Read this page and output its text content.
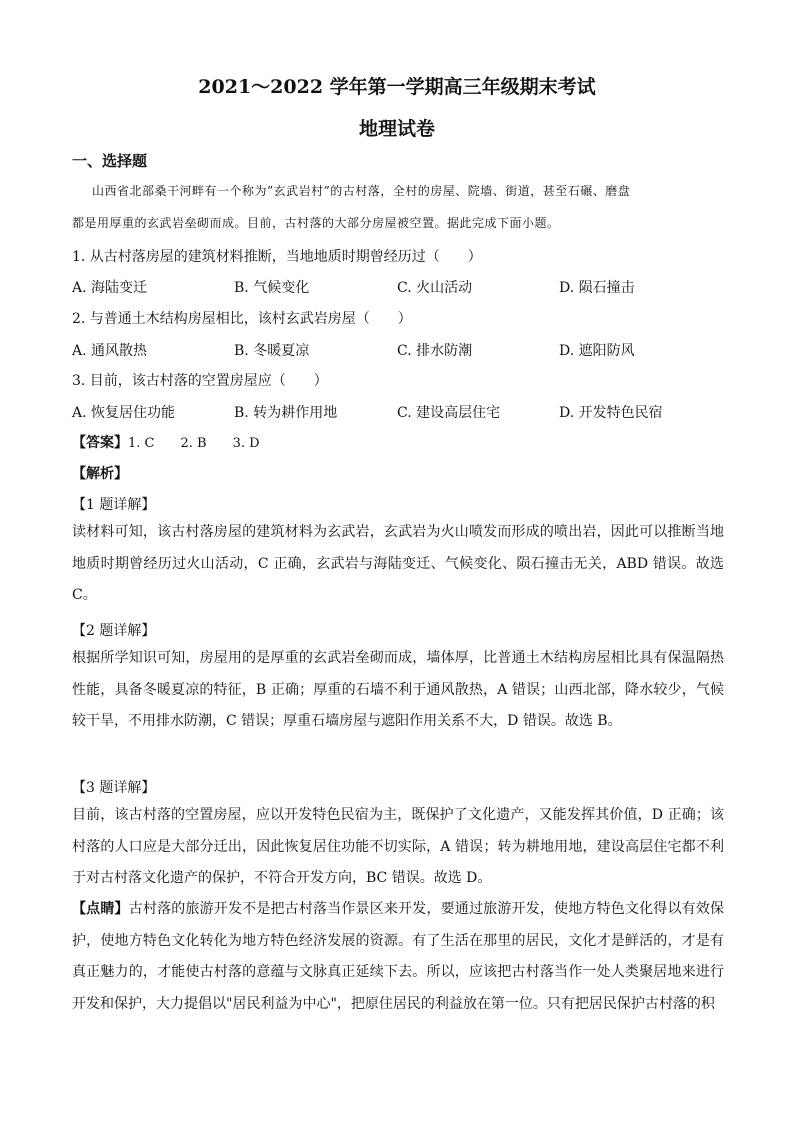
2021～2022 学年第一学期高三年级期末考试
地理试卷
一、选择题
山西省北部桑干河畔有一个称为”玄武岩村”的古村落，全村的房屋、院墙、街道，甚至石碾、磨盘
都是用厚重的玄武岩垒砌而成。目前，古村落的大部分房屋被空置。据此完成下面小题。
1. 从古村落房屋的建筑材料推断，当地地质时期曾经历过（　　）
A. 海陆变迁	B. 气候变化	C. 火山活动	D. 陨石撞击
2. 与普通土木结构房屋相比，该村玄武岩房屋（　　）
A. 通风散热	B. 冬暖夏凉	C. 排水防潮	D. 遮阳防风
3. 目前，该古村落的空置房屋应（　　）
A. 恢复居住功能	B. 转为耕作用地	C. 建设高层住宅	D. 开发特色民宿
【答案】1. C　　2. B　　3. D
【解析】
【1 题详解】
读材料可知，该古村落房屋的建筑材料为玄武岩，玄武岩为火山喷发而形成的喷出岩，因此可以推断当地地质时期曾经历过火山活动，C 正确，玄武岩与海陆变迁、气候变化、陨石撞击无关，ABD 错误。故选 C。
【2 题详解】
根据所学知识可知，房屋用的是厚重的玄武岩垒砌而成，墙体厚，比普通土木结构房屋相比具有保温隔热性能，具备冬暖夏凉的特征，B 正确；厚重的石墙不利于通风散热，A 错误；山西北部，降水较少，气候较干旱，不用排水防潮，C 错误；厚重石墙房屋与遮阳作用关系不大，D 错误。故选 B。
【3 题详解】
目前，该古村落的空置房屋，应以开发特色民宿为主，既保护了文化遗产，又能发挥其价值，D 正确；该村落的人口应是大部分迁出，因此恢复居住功能不切实际，A 错误；转为耕地用地，建设高层住宅都不利于对古村落文化遗产的保护，不符合开发方向，BC 错误。故选 D。
【点睛】古村落的旅游开发不是把古村落当作景区来开发，要通过旅游开发，使地方特色文化得以有效保护，使地方特色文化转化为地方特色经济发展的资源。有了生活在那里的居民，文化才是鲜活的，才是有真正魅力的，才能使古村落的意蕴与文脉真正延续下去。所以，应该把古村落当作一处人类聚居地来进行开发和保护，大力提倡以"居民利益为中心"，把原住居民的利益放在第一位。只有把居民保护古村落的积
